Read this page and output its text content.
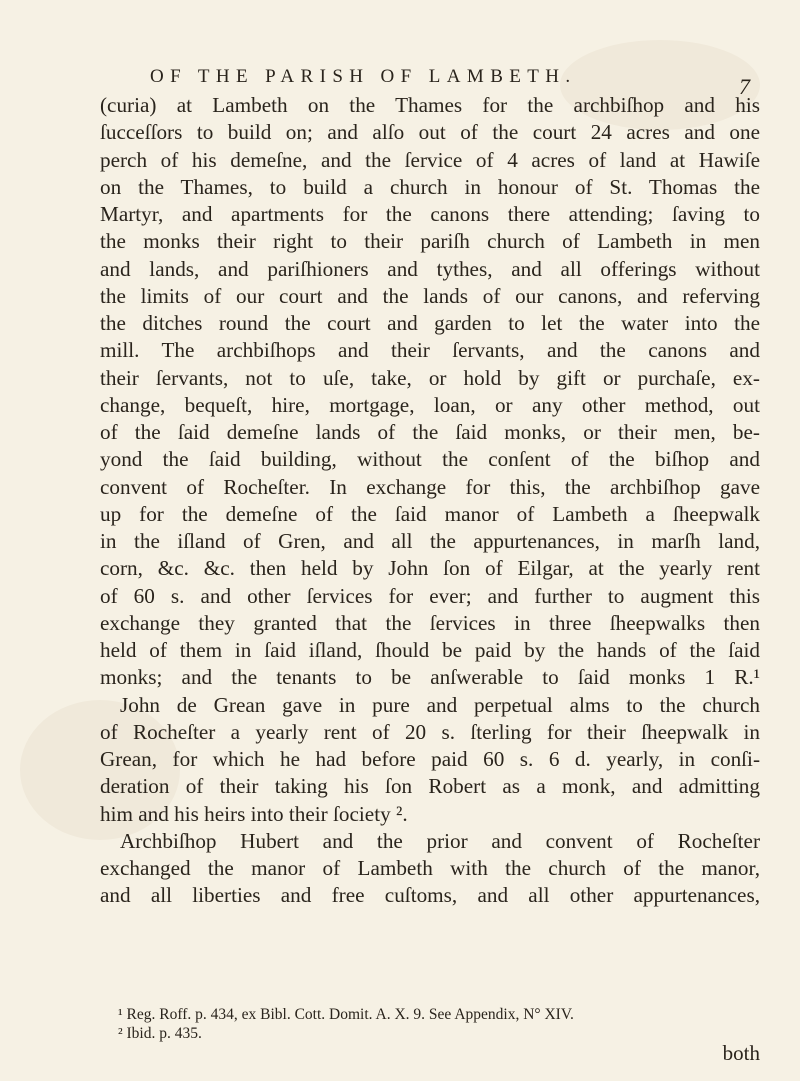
OF THE PARISH OF LAMBETH.	7
(curia) at Lambeth on the Thames for the archbiſhop and his
ſucceſſors to build on; and alſo out of the court 24 acres and one
perch of his demeſne, and the ſervice of 4 acres of land at Hawiſe
on the Thames, to build a church in honour of St. Thomas the
Martyr, and apartments for the canons there attending; ſaving to
the monks their right to their pariſh church of Lambeth in men
and lands, and pariſhioners and tythes, and all offerings without
the limits of our court and the lands of our canons, and referving
the ditches round the court and garden to let the water into the
mill. The archbiſhops and their ſervants, and the canons and
their ſervants, not to uſe, take, or hold by gift or purchaſe, ex-
change, bequeſt, hire, mortgage, loan, or any other method, out
of the ſaid demeſne lands of the ſaid monks, or their men, be-
yond the ſaid building, without the conſent of the biſhop and
convent of Rocheſter. In exchange for this, the archbiſhop gave
up for the demeſne of the ſaid manor of Lambeth a ſheepwalk
in the iſland of Gren, and all the appurtenances, in marſh land,
corn, &c. &c. then held by John ſon of Eilgar, at the yearly rent
of 60 s. and other ſervices for ever; and further to augment this
exchange they granted that the ſervices in three ſheepwalks then
held of them in ſaid iſland, ſhould be paid by the hands of the ſaid
monks; and the tenants to be anſwerable to ſaid monks 1 R.¹
John de Grean gave in pure and perpetual alms to the church
of Rocheſter a yearly rent of 20 s. ſterling for their ſheepwalk in
Grean, for which he had before paid 60 s. 6 d. yearly, in conſi-
deration of their taking his ſon Robert as a monk, and admitting
him and his heirs into their ſociety ².
Archbiſhop Hubert and the prior and convent of Rocheſter
exchanged the manor of Lambeth with the church of the manor,
and all liberties and free cuſtoms, and all other appurtenances,
¹ Reg. Roff. p. 434, ex Bibl. Cott. Domit. A. X. 9. See Appendix, N° XIV.
² Ibid. p. 435.
both
